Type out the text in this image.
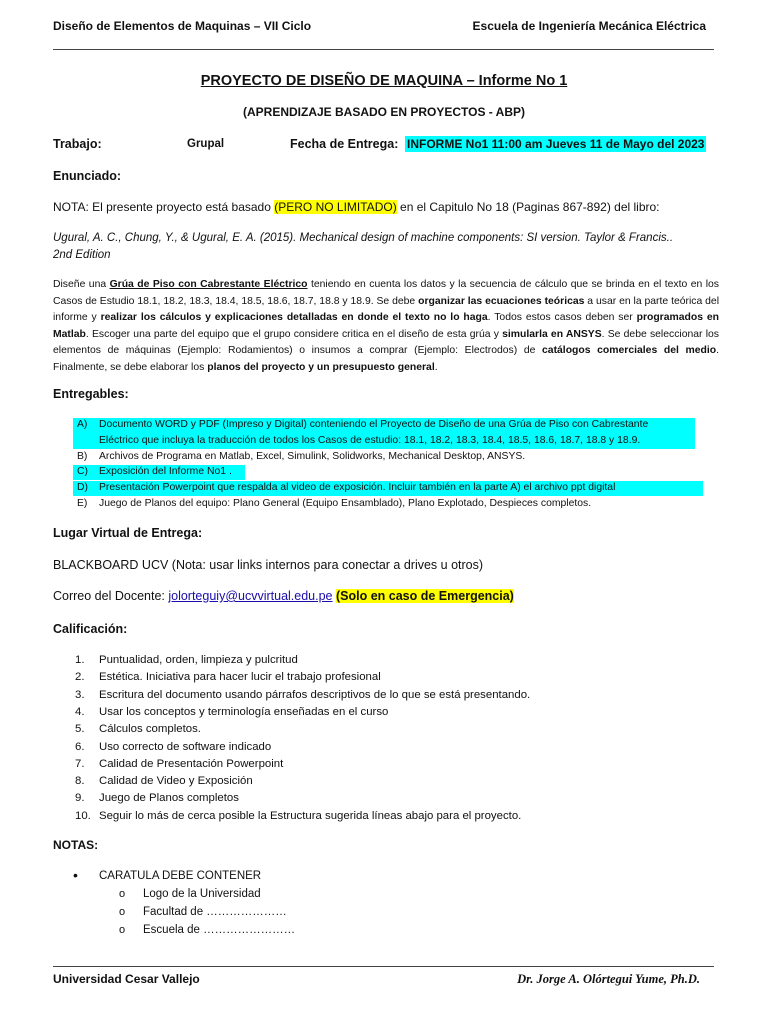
Diseño de Elementos de Maquinas – VII Ciclo	Escuela de Ingeniería Mecánica Eléctrica
PROYECTO DE DISEÑO DE MAQUINA – Informe No 1
(APRENDIZAJE BASADO EN PROYECTOS - ABP)
Trabajo:	Grupal	Fecha de Entrega: INFORME No1 11:00 am Jueves 11 de Mayo del 2023
Enunciado:
NOTA: El presente proyecto está basado (PERO NO LIMITADO) en el Capitulo No 18 (Paginas 867-892) del libro:
Ugural, A. C., Chung, Y., & Ugural, E. A. (2015). Mechanical design of machine components: SI version. Taylor & Francis..
2nd Edition
Diseñe una Grúa de Piso con Cabrestante Eléctrico teniendo en cuenta los datos y la secuencia de cálculo que se brinda en el texto en los Casos de Estudio 18.1, 18.2, 18.3, 18.4, 18.5, 18.6, 18.7, 18.8 y 18.9. Se debe organizar las ecuaciones teóricas a usar en la parte teórica del informe y realizar los cálculos y explicaciones detalladas en donde el texto no lo haga. Todos estos casos deben ser programados en Matlab. Escoger una parte del equipo que el grupo considere critica en el diseño de esta grúa y simularla en ANSYS. Se debe seleccionar los elementos de máquinas (Ejemplo: Rodamientos) o insumos a comprar (Ejemplo: Electrodos) de catálogos comerciales del medio. Finalmente, se debe elaborar los planos del proyecto y un presupuesto general.
Entregables:
A) Documento WORD y PDF (Impreso y Digital) conteniendo el Proyecto de Diseño de una Grúa de Piso con Cabrestante
Eléctrico que incluya la traducción de todos los Casos de estudio: 18.1, 18.2, 18.3, 18.4, 18.5, 18.6, 18.7, 18.8 y 18.9.
B) Archivos de Programa en Matlab, Excel, Simulink, Solidworks, Mechanical Desktop, ANSYS.
C) Exposición del Informe No1 .
D) Presentación Powerpoint que respalda al video de exposición. Incluir también en la parte A) el archivo ppt digital
E) Juego de Planos del equipo: Plano General (Equipo Ensamblado), Plano Explotado, Despieces completos.
Lugar Virtual de Entrega:
BLACKBOARD UCV (Nota: usar links internos para conectar a drives u otros)
Correo del Docente: jolorteguiy@ucvvirtual.edu.pe (Solo en caso de Emergencia)
Calificación:
1. Puntualidad, orden, limpieza y pulcritud
2. Estética. Iniciativa para hacer lucir el trabajo profesional
3. Escritura del documento usando párrafos descriptivos de lo que se está presentando.
4. Usar los conceptos y terminología enseñadas en el curso
5. Cálculos completos.
6. Uso correcto de software indicado
7. Calidad de Presentación Powerpoint
8. Calidad de Video y Exposición
9. Juego de Planos completos
10. Seguir lo más de cerca posible la Estructura sugerida líneas abajo para el proyecto.
NOTAS:
• CARATULA DEBE CONTENER
o Logo de la Universidad
o Facultad de …………………
o Escuela de ……………………
Universidad Cesar Vallejo	Dr. Jorge A. Olórtegui Yume, Ph.D.
